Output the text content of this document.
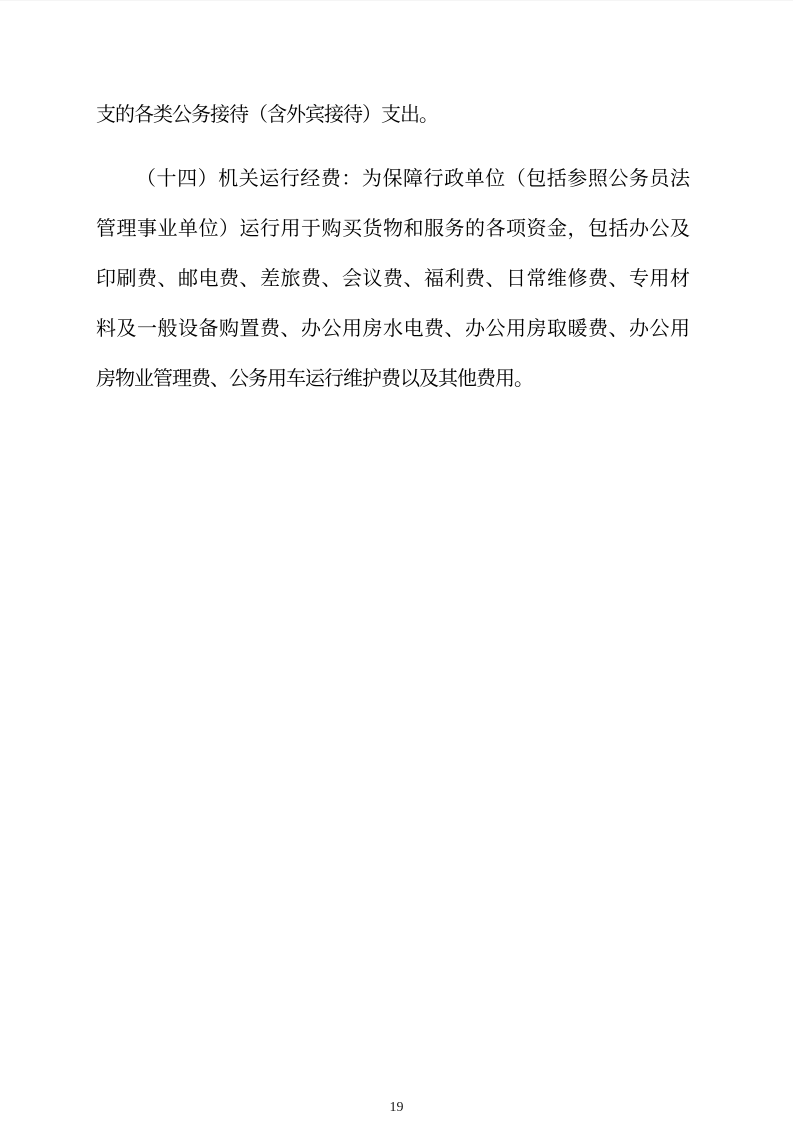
支的各类公务接待（含外宾接待）支出。
（十四）机关运行经费：为保障行政单位（包括参照公务员法
管理事业单位）运行用于购买货物和服务的各项资金，包括办公及
印刷费、邮电费、差旅费、会议费、福利费、日常维修费、专用材
料及一般设备购置费、办公用房水电费、办公用房取暖费、办公用
房物业管理费、公务用车运行维护费以及其他费用。
19
